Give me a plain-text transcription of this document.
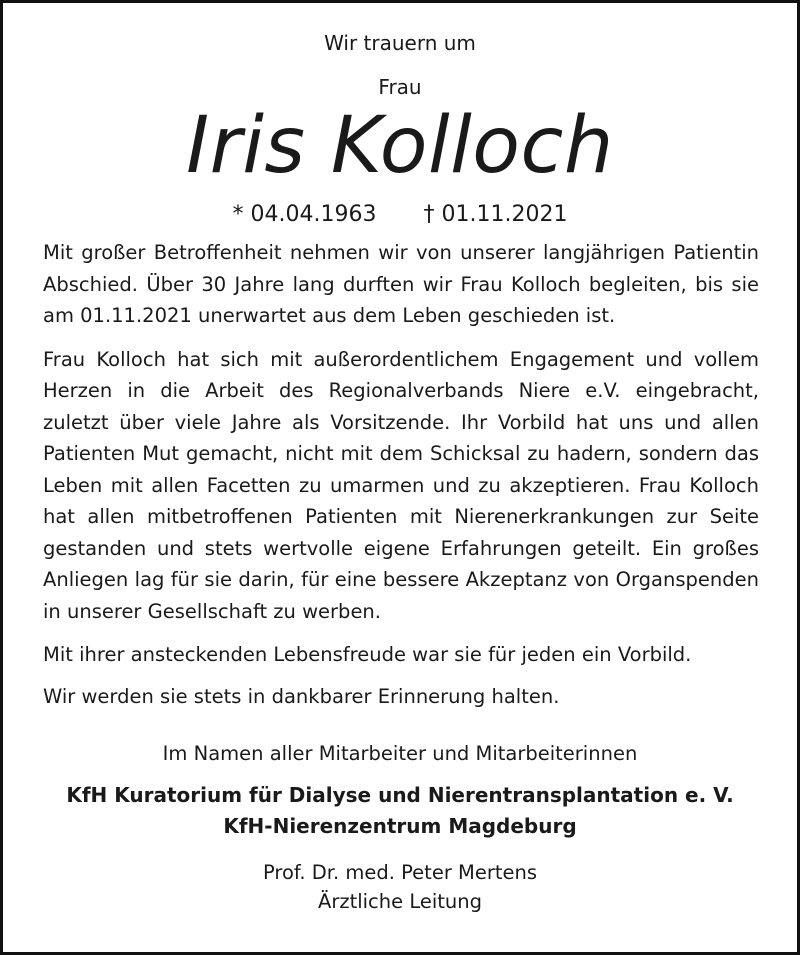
Wir trauern um
Frau
Iris Kolloch
* 04.04.1963 † 01.11.2021

Mit großer Betroffenheit nehmen wir von unserer langjährigen Patientin Abschied. Über 30 Jahre lang durften wir Frau Kolloch begleiten, bis sie am 01.11.2021 unerwartet aus dem Leben geschieden ist.

Frau Kolloch hat sich mit außerordentlichem Engagement und vollem Herzen in die Arbeit des Regionalverbands Niere e.V. eingebracht, zuletzt über viele Jahre als Vorsitzende. Ihr Vorbild hat uns und allen Patienten Mut gemacht, nicht mit dem Schicksal zu hadern, sondern das Leben mit allen Facetten zu umarmen und zu akzeptieren. Frau Kolloch hat allen mitbetroffenen Patienten mit Nierenerkrankungen zur Seite gestanden und stets wertvolle eigene Erfahrungen geteilt. Ein großes Anliegen lag für sie darin, für eine bessere Akzeptanz von Organspenden in unserer Gesellschaft zu werben.

Mit ihrer ansteckenden Lebensfreude war sie für jeden ein Vorbild.

Wir werden sie stets in dankbarer Erinnerung halten.

Im Namen aller Mitarbeiter und Mitarbeiterinnen
KfH Kuratorium für Dialyse und Nierentransplantation e. V.
KfH-Nierenzentrum Magdeburg
Prof. Dr. med. Peter Mertens
Ärztliche Leitung
